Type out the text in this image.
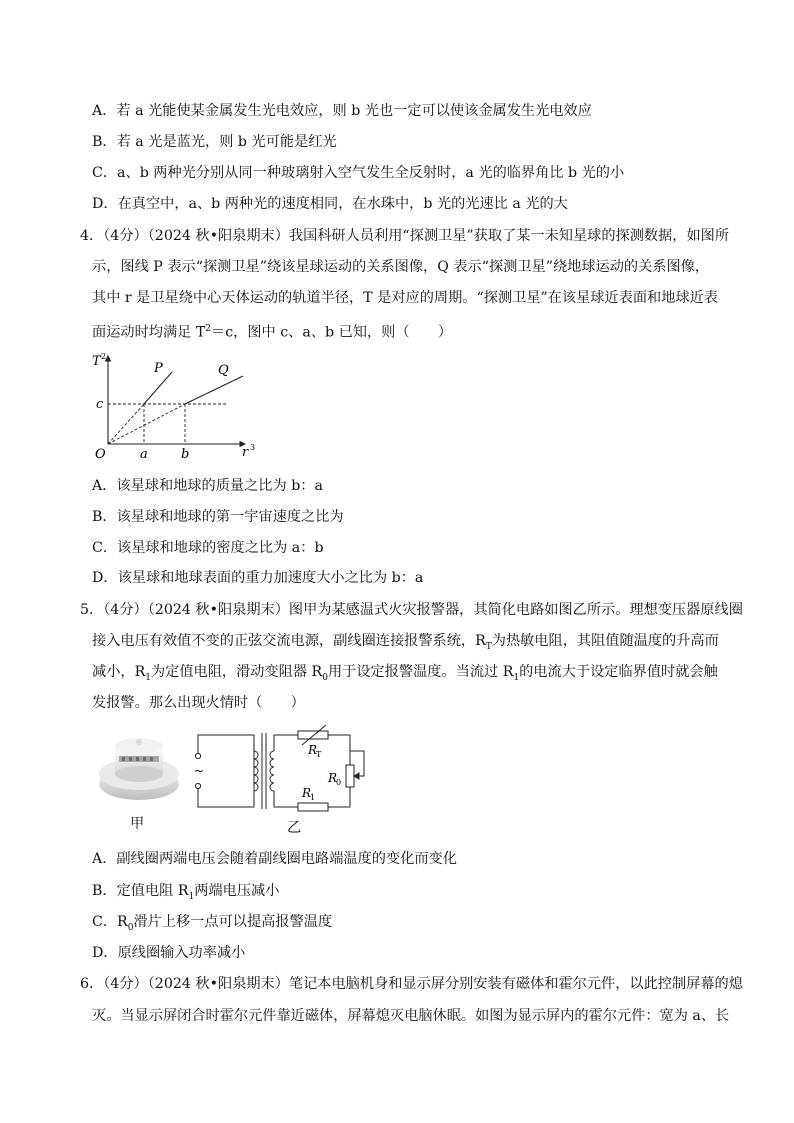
A．若 a 光能使某金属发生光电效应，则 b 光也一定可以使该金属发生光电效应
B．若 a 光是蓝光，则 b 光可能是红光
C．a、b 两种光分别从同一种玻璃射入空气发生全反射时，a 光的临界角比 b 光的小
D．在真空中，a、b 两种光的速度相同，在水珠中，b 光的光速比 a 光的大
4．（4分）（2024 秋•阳泉期末）我国科研人员利用“探测卫星”获取了某一未知星球的探测数据，如图所
示，图线 P 表示“探测卫星”绕该星球运动的关系图像，Q 表示“探测卫星”绕地球运动的关系图像，
其中 r 是卫星绕中心天体运动的轨道半径，T 是对应的周期。“探测卫星”在该星球近表面和地球近表
面运动时均满足 $T^2=c$，图中 c、a、b 已知，则（　　）
T 2
r 3
O
P	Q
c
a	b
A．该星球和地球的质量之比为 b：a
B．该星球和地球的第一宇宙速度之比为
C．该星球和地球的密度之比为 a：b
D．该星球和地球表面的重力加速度大小之比为 b：a
5．（4分）（2024 秋•阳泉期末）图甲为某感温式火灾报警器，其简化电路如图乙所示。理想变压器原线圈
接入电压有效值不变的正弦交流电源，副线圈连接报警系统，$R_T$为热敏电阻，其阻值随温度的升高而
减小，$R_1$为定值电阻，滑动变阻器 $R_0$用于设定报警温度。当流过 $R_1$的电流大于设定临界值时就会触
发报警。那么出现火情时（　　）
甲
~
R
T
R
0
R
1
乙
A．副线圈两端电压会随着副线圈电路端温度的变化而变化
B．定值电阻 $R_1$两端电压减小
C．$R_0$滑片上移一点可以提高报警温度
D．原线圈输入功率减小
6．（4分）（2024 秋•阳泉期末）笔记本电脑机身和显示屏分别安装有磁体和霍尔元件，以此控制屏幕的熄
灭。当显示屏闭合时霍尔元件靠近磁体，屏幕熄灭电脑休眠。如图为显示屏内的霍尔元件：宽为 a、长
